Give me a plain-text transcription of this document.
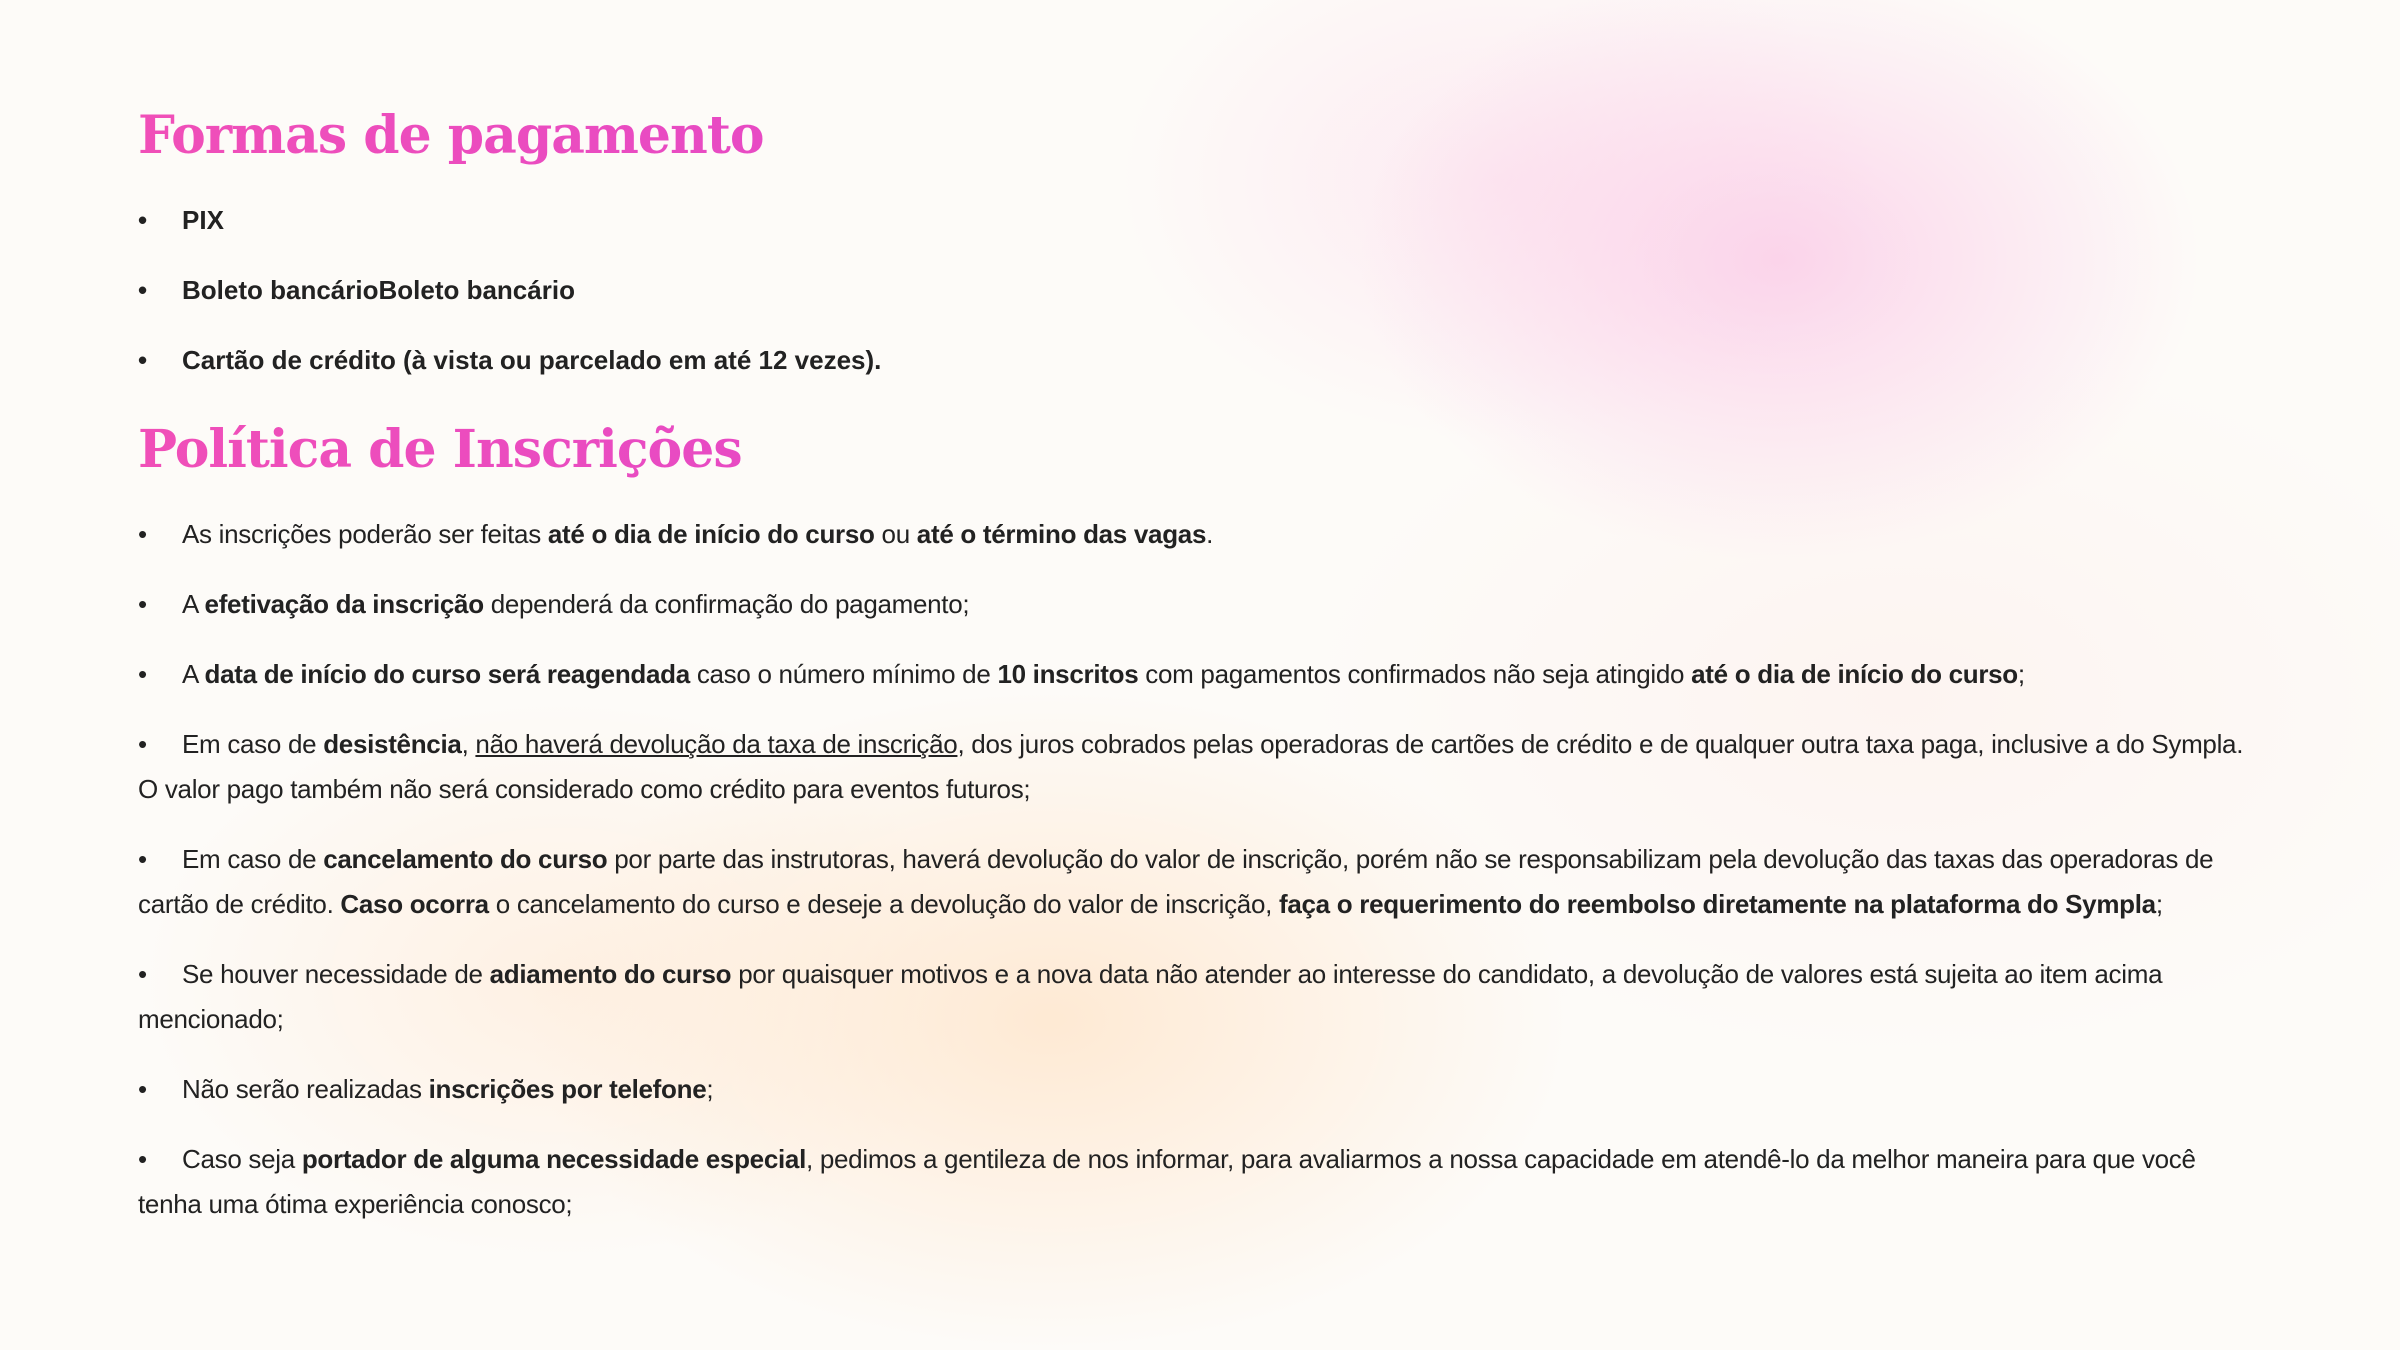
Formas de pagamento
• PIX
• Boleto bancárioBoleto bancário
• Cartão de crédito (à vista ou parcelado em até 12 vezes).
Política de Inscrições
• As inscrições poderão ser feitas até o dia de início do curso ou até o término das vagas.
• A efetivação da inscrição dependerá da confirmação do pagamento;
• A data de início do curso será reagendada caso o número mínimo de 10 inscritos com pagamentos confirmados não seja atingido até o dia de início do curso;
• Em caso de desistência, não haverá devolução da taxa de inscrição, dos juros cobrados pelas operadoras de cartões de crédito e de qualquer outra taxa paga, inclusive a do Sympla. O valor pago também não será considerado como crédito para eventos futuros;
• Em caso de cancelamento do curso por parte das instrutoras, haverá devolução do valor de inscrição, porém não se responsabilizam pela devolução das taxas das operadoras de cartão de crédito. Caso ocorra o cancelamento do curso e deseje a devolução do valor de inscrição, faça o requerimento do reembolso diretamente na plataforma do Sympla;
• Se houver necessidade de adiamento do curso por quaisquer motivos e a nova data não atender ao interesse do candidato, a devolução de valores está sujeita ao item acima mencionado;
• Não serão realizadas inscrições por telefone;
• Caso seja portador de alguma necessidade especial, pedimos a gentileza de nos informar, para avaliarmos a nossa capacidade em atendê-lo da melhor maneira para que você tenha uma ótima experiência conosco;
